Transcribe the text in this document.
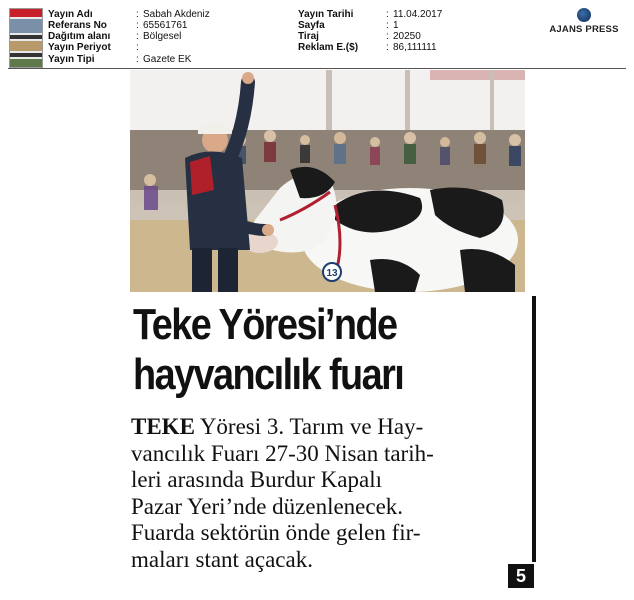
Yayın Adı	: Sabah Akdeniz
Referans No	: 65561761
Dağıtım alanı	: Bölgesel
Yayın Periyot	:
Yayın Tipi	: Gazete EK
Yayın Tarihi	: 11.04.2017
Sayfa	: 1
Tiraj	: 20250
Reklam E.($)	: 86,111111
AJANS PRESS
13
Teke Yöresi’nde
hayvancılık fuarı

TEKE Yöresi 3. Tarım ve Hay-
vancılık Fuarı 27-30 Nisan tarih-
leri arasında Burdur Kapalı
Pazar Yeri’nde düzenlenecek.
Fuarda sektörün önde gelen fir-
maları stant açacak.

5
